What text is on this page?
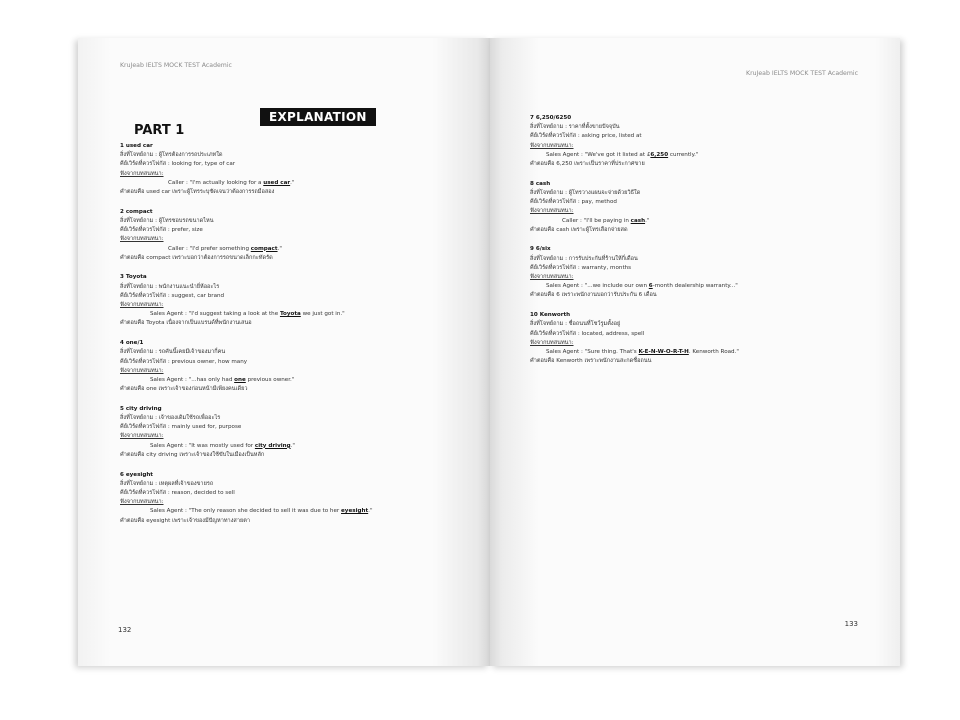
KruJeab IELTS MOCK TEST Academic
EXPLANATION
PART 1
1 used car
สิ่งที่โจทย์ถาม : ผู้โทรต้องการรถประเภทใด
คีย์เวิร์ดที่ควรโฟกัส : looking for, type of car
ฟังจากบทสนทนา:
Caller : "I'm actually looking for a used car."
คำตอบคือ used car เพราะผู้โทรระบุชัดเจนว่าต้องการรถมือสอง
2 compact
สิ่งที่โจทย์ถาม : ผู้โทรชอบรถขนาดไหน
คีย์เวิร์ดที่ควรโฟกัส : prefer, size
ฟังจากบทสนทนา:
Caller : "I'd prefer something compact."
คำตอบคือ compact เพราะบอกว่าต้องการรถขนาดเล็กกะทัดรัด
3 Toyota
สิ่งที่โจทย์ถาม : พนักงานแนะนำยี่ห้ออะไร
คีย์เวิร์ดที่ควรโฟกัส : suggest, car brand
ฟังจากบทสนทนา:
Sales Agent : "I'd suggest taking a look at the Toyota we just got in."
คำตอบคือ Toyota เนื่องจากเป็นแบรนด์ที่พนักงานเสนอ
4 one/1
สิ่งที่โจทย์ถาม : รถคันนี้เคยมีเจ้าของมากี่คน
คีย์เวิร์ดที่ควรโฟกัส : previous owner, how many
ฟังจากบทสนทนา:
Sales Agent : "...has only had one previous owner."
คำตอบคือ one เพราะเจ้าของก่อนหน้ามีเพียงคนเดียว
5 city driving
สิ่งที่โจทย์ถาม : เจ้าของเดิมใช้รถเพื่ออะไร
คีย์เวิร์ดที่ควรโฟกัส : mainly used for, purpose
ฟังจากบทสนทนา:
Sales Agent : "It was mostly used for city driving."
คำตอบคือ city driving เพราะเจ้าของใช้ขับในเมืองเป็นหลัก
6 eyesight
สิ่งที่โจทย์ถาม : เหตุผลที่เจ้าของขายรถ
คีย์เวิร์ดที่ควรโฟกัส : reason, decided to sell
ฟังจากบทสนทนา:
Sales Agent : "The only reason she decided to sell it was due to her eyesight."
คำตอบคือ eyesight เพราะเจ้าของมีปัญหาทางสายตา
132
KruJeab IELTS MOCK TEST Academic
7 6,250/6250
สิ่งที่โจทย์ถาม : ราคาที่ตั้งขายปัจจุบัน
คีย์เวิร์ดที่ควรโฟกัส : asking price, listed at
ฟังจากบทสนทนา:
Sales Agent : "We've got it listed at £6,250 currently."
คำตอบคือ 6,250 เพราะเป็นราคาที่ประกาศขาย
8 cash
สิ่งที่โจทย์ถาม : ผู้โทรวางแผนจะจ่ายด้วยวิธีใด
คีย์เวิร์ดที่ควรโฟกัส : pay, method
ฟังจากบทสนทนา:
Caller : "I'll be paying in cash."
คำตอบคือ cash เพราะผู้โทรเลือกจ่ายสด
9 6/six
สิ่งที่โจทย์ถาม : การรับประกันที่ร้านให้กี่เดือน
คีย์เวิร์ดที่ควรโฟกัส : warranty, months
ฟังจากบทสนทนา:
Sales Agent : "...we include our own 6-month dealership warranty..."
คำตอบคือ 6 เพราะพนักงานบอกว่ารับประกัน 6 เดือน
10 Kenworth
สิ่งที่โจทย์ถาม : ชื่อถนนที่โชว์รูมตั้งอยู่
คีย์เวิร์ดที่ควรโฟกัส : located, address, spell
ฟังจากบทสนทนา:
Sales Agent : "Sure thing. That's K-E-N-W-O-R-T-H. Kenworth Road."
คำตอบคือ Kenworth เพราะพนักงานสะกดชื่อถนน
133
